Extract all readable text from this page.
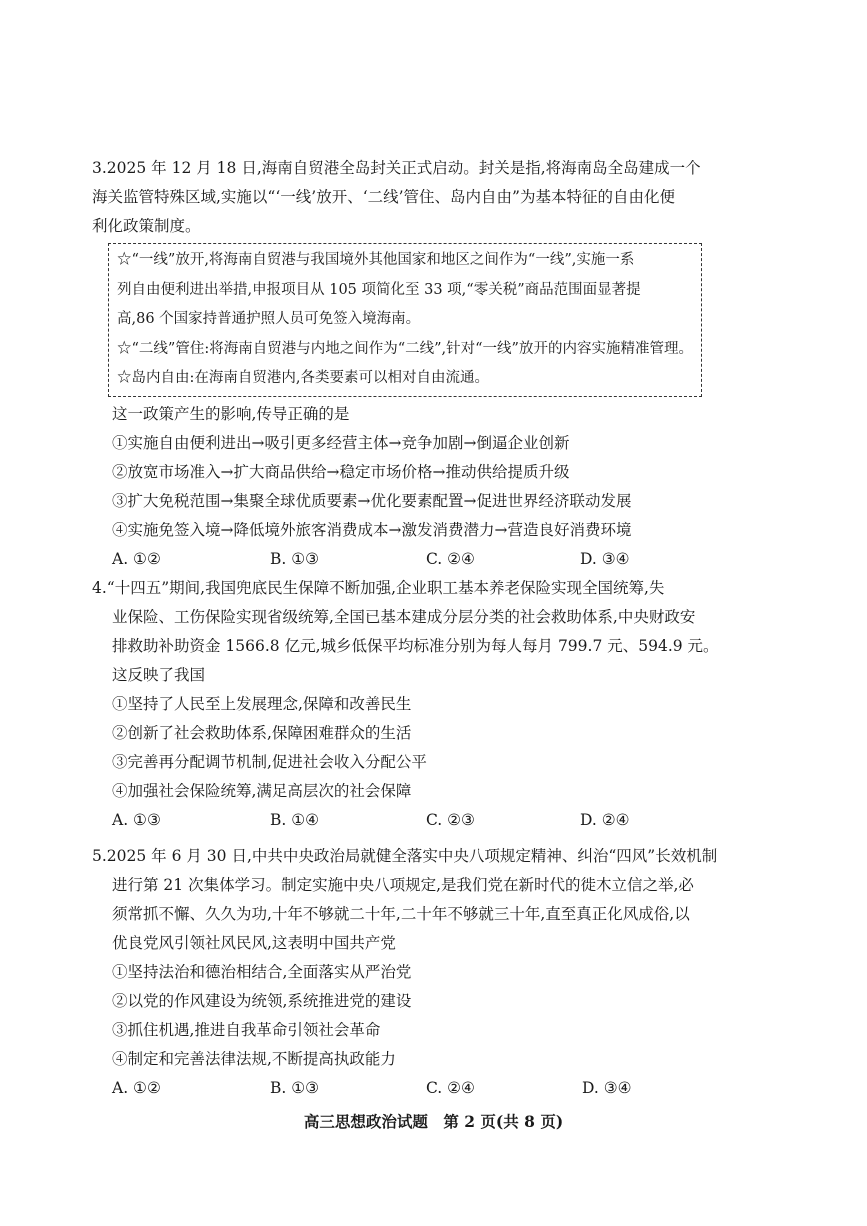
3.2025 年 12 月 18 日,海南自贸港全岛封关正式启动。封关是指,将海南岛全岛建成一个
海关监管特殊区域,实施以“‘一线’放开、‘二线’管住、岛内自由”为基本特征的自由化便
利化政策制度。
☆“一线”放开,将海南自贸港与我国境外其他国家和地区之间作为“一线”,实施一系
列自由便利进出举措,申报项目从 105 项简化至 33 项,“零关税”商品范围面显著提
高,86 个国家持普通护照人员可免签入境海南。
☆“二线”管住:将海南自贸港与内地之间作为“二线”,针对“一线”放开的内容实施精准管理。
☆岛内自由:在海南自贸港内,各类要素可以相对自由流通。
这一政策产生的影响,传导正确的是
①实施自由便利进出→吸引更多经营主体→竞争加剧→倒逼企业创新
②放宽市场准入→扩大商品供给→稳定市场价格→推动供给提质升级
③扩大免税范围→集聚全球优质要素→优化要素配置→促进世界经济联动发展
④实施免签入境→降低境外旅客消费成本→激发消费潜力→营造良好消费环境
A. ①②	B. ①③	C. ②④	D. ③④
4.“十四五”期间,我国兜底民生保障不断加强,企业职工基本养老保险实现全国统筹,失
业保险、工伤保险实现省级统筹,全国已基本建成分层分类的社会救助体系,中央财政安
排救助补助资金 1566.8 亿元,城乡低保平均标准分别为每人每月 799.7 元、594.9 元。
这反映了我国
①坚持了人民至上发展理念,保障和改善民生
②创新了社会救助体系,保障困难群众的生活
③完善再分配调节机制,促进社会收入分配公平
④加强社会保险统筹,满足高层次的社会保障
A. ①③	B. ①④	C. ②③	D. ②④
5.2025 年 6 月 30 日,中共中央政治局就健全落实中央八项规定精神、纠治“四风”长效机制
进行第 21 次集体学习。制定实施中央八项规定,是我们党在新时代的徙木立信之举,必
须常抓不懈、久久为功,十年不够就二十年,二十年不够就三十年,直至真正化风成俗,以
优良党风引领社风民风,这表明中国共产党
①坚持法治和德治相结合,全面落实从严治党
②以党的作风建设为统领,系统推进党的建设
③抓住机遇,推进自我革命引领社会革命
④制定和完善法律法规,不断提高执政能力
A. ①②	B. ①③	C. ②④	D. ③④
高三思想政治试题　第 2 页(共 8 页)
